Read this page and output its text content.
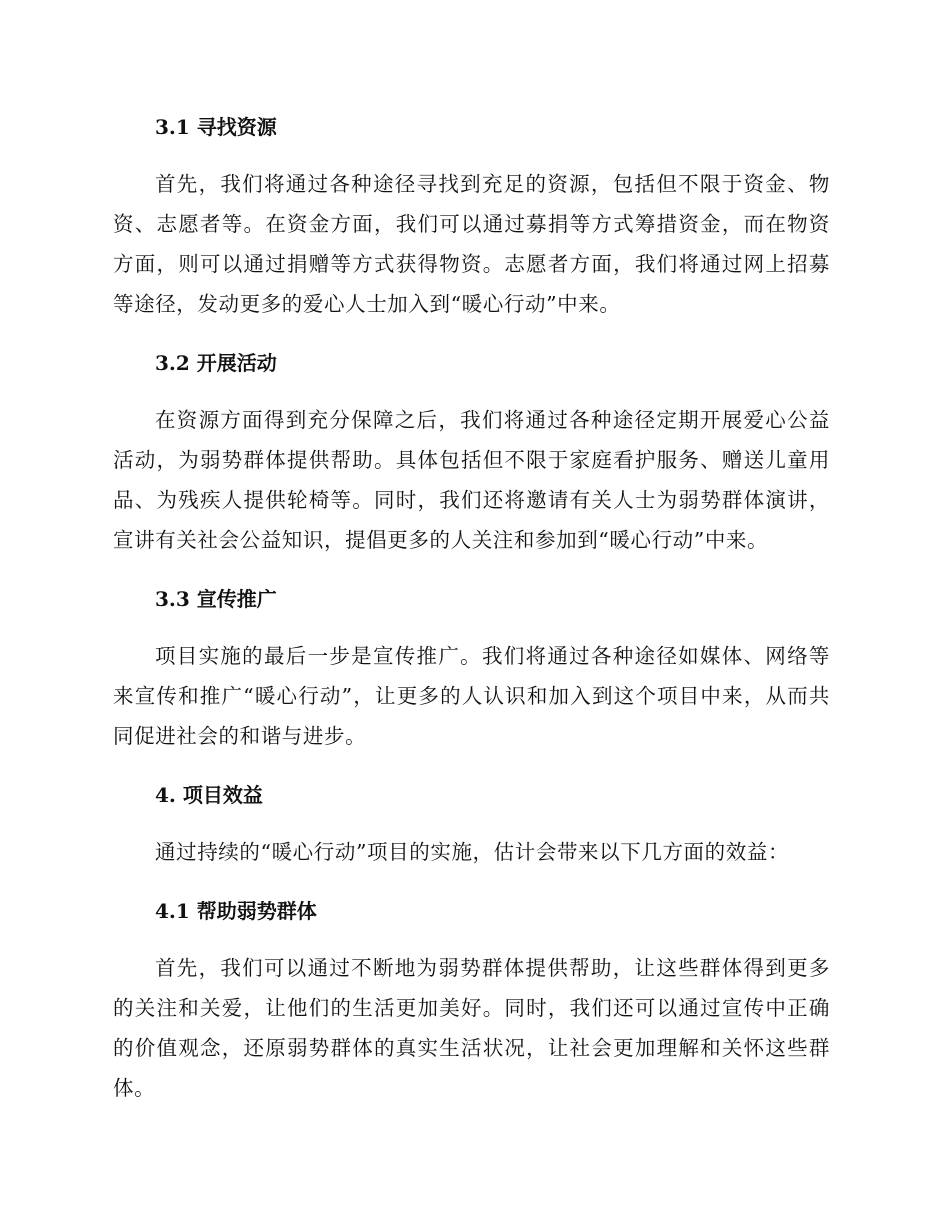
3.1 寻找资源

首先，我们将通过各种途径寻找到充足的资源，包括但不限于资金、物资、志愿者等。在资金方面，我们可以通过募捐等方式筹措资金，而在物资方面，则可以通过捐赠等方式获得物资。志愿者方面，我们将通过网上招募等途径，发动更多的爱心人士加入到“暖心行动”中来。

3.2 开展活动

在资源方面得到充分保障之后，我们将通过各种途径定期开展爱心公益活动，为弱势群体提供帮助。具体包括但不限于家庭看护服务、赠送儿童用品、为残疾人提供轮椅等。同时，我们还将邀请有关人士为弱势群体演讲，宣讲有关社会公益知识，提倡更多的人关注和参加到“暖心行动”中来。

3.3 宣传推广

项目实施的最后一步是宣传推广。我们将通过各种途径如媒体、网络等来宣传和推广“暖心行动”，让更多的人认识和加入到这个项目中来，从而共同促进社会的和谐与进步。

4. 项目效益

通过持续的“暖心行动”项目的实施，估计会带来以下几方面的效益：

4.1 帮助弱势群体

首先，我们可以通过不断地为弱势群体提供帮助，让这些群体得到更多的关注和关爱，让他们的生活更加美好。同时，我们还可以通过宣传中正确的价值观念，还原弱势群体的真实生活状况，让社会更加理解和关怀这些群体。
